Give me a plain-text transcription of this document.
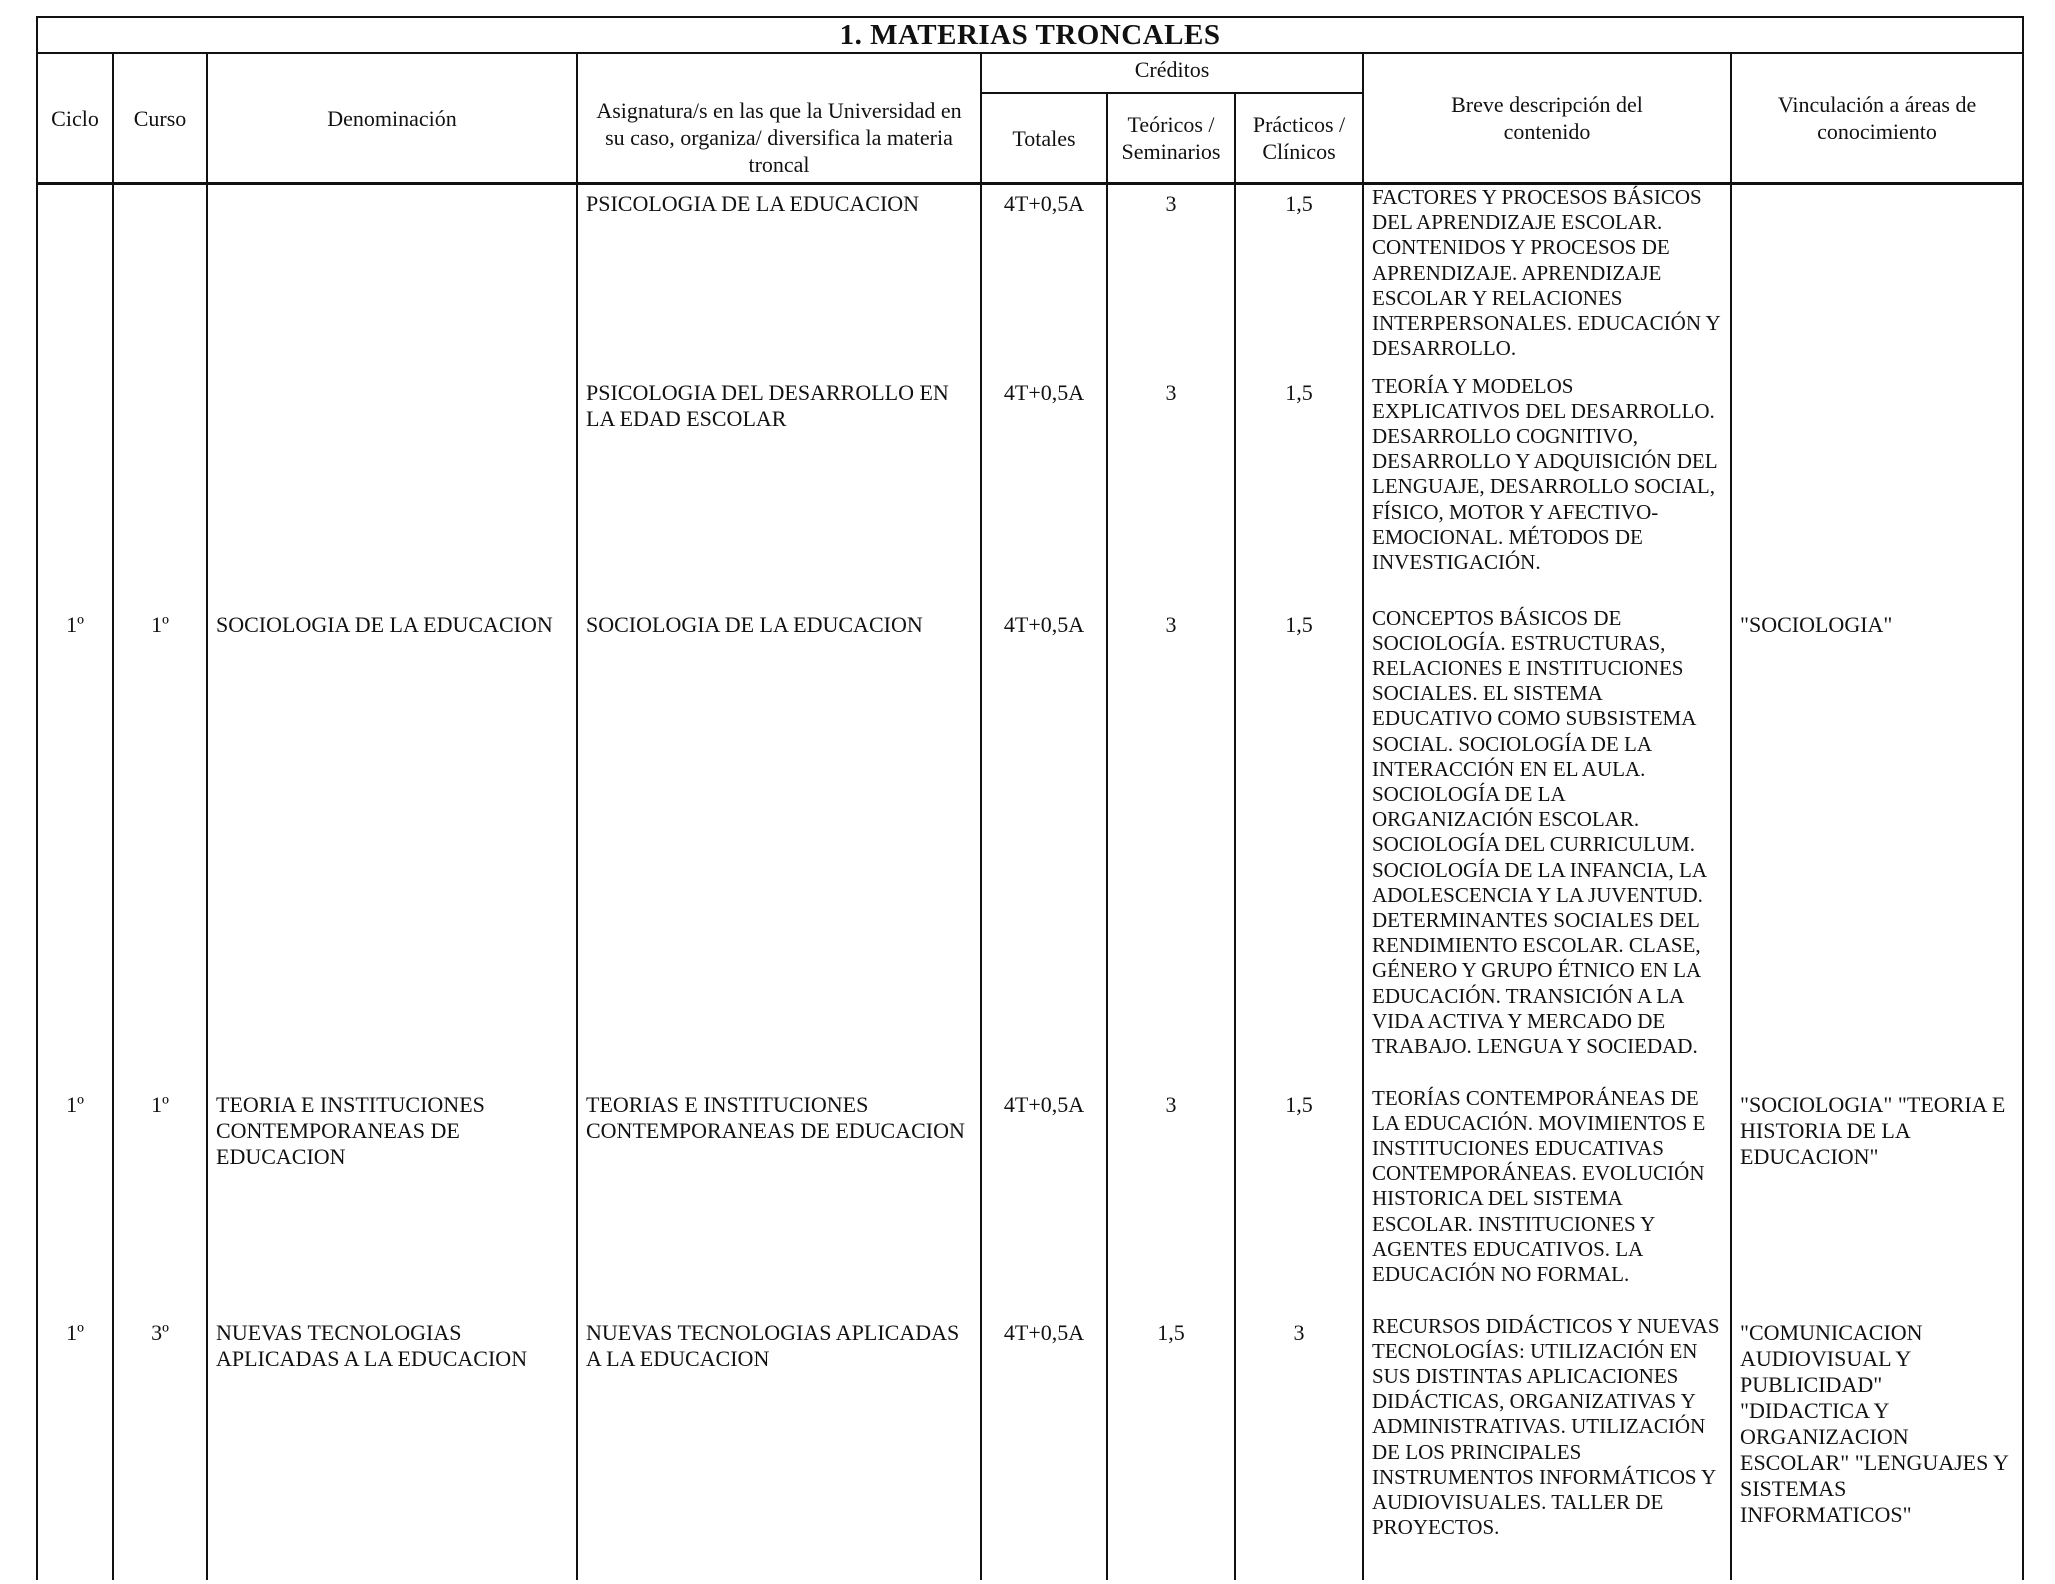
1. MATERIAS TRONCALES								
Ciclo	Curso	Denominación	Asignatura/s en las que la Universidad en su caso, organiza/ diversifica la materia troncal	Créditos			Breve descripción del contenido	Vinculación a áreas de conocimiento
				Totales	Teóricos / Seminarios	Prácticos / Clínicos		
			PSICOLOGIA DE LA EDUCACION	4T+0,5A	3	1,5	FACTORES Y PROCESOS BÁSICOS DEL APRENDIZAJE ESCOLAR. CONTENIDOS Y PROCESOS DE APRENDIZAJE. APRENDIZAJE ESCOLAR Y RELACIONES INTERPERSONALES. EDUCACIÓN Y DESARROLLO.	
			PSICOLOGIA DEL DESARROLLO EN LA EDAD ESCOLAR	4T+0,5A	3	1,5	TEORÍA Y MODELOS EXPLICATIVOS DEL DESARROLLO. DESARROLLO COGNITIVO, DESARROLLO Y ADQUISICIÓN DEL LENGUAJE, DESARROLLO SOCIAL, FÍSICO, MOTOR Y AFECTIVO-EMOCIONAL. MÉTODOS DE INVESTIGACIÓN.	
1º	1º	SOCIOLOGIA DE LA EDUCACION	SOCIOLOGIA DE LA EDUCACION	4T+0,5A	3	1,5	CONCEPTOS BÁSICOS DE SOCIOLOGÍA. ESTRUCTURAS, RELACIONES E INSTITUCIONES SOCIALES. EL SISTEMA EDUCATIVO COMO SUBSISTEMA SOCIAL. SOCIOLOGÍA DE LA INTERACCIÓN EN EL AULA. SOCIOLOGÍA DE LA ORGANIZACIÓN ESCOLAR. SOCIOLOGÍA DEL CURRICULUM. SOCIOLOGÍA DE LA INFANCIA, LA ADOLESCENCIA Y LA JUVENTUD. DETERMINANTES SOCIALES DEL RENDIMIENTO ESCOLAR. CLASE, GÉNERO Y GRUPO ÉTNICO EN LA EDUCACIÓN. TRANSICIÓN A LA VIDA ACTIVA Y MERCADO DE TRABAJO. LENGUA Y SOCIEDAD.	"SOCIOLOGIA"
1º	1º	TEORIA E INSTITUCIONES CONTEMPORANEAS DE EDUCACION	TEORIAS E INSTITUCIONES CONTEMPORANEAS DE EDUCACION	4T+0,5A	3	1,5	TEORÍAS CONTEMPORÁNEAS DE LA EDUCACIÓN. MOVIMIENTOS E INSTITUCIONES EDUCATIVAS CONTEMPORÁNEAS. EVOLUCIÓN HISTORICA DEL SISTEMA ESCOLAR. INSTITUCIONES Y AGENTES EDUCATIVOS. LA EDUCACIÓN NO FORMAL.	"SOCIOLOGIA" "TEORIA E HISTORIA DE LA EDUCACION"
1º	3º	NUEVAS TECNOLOGIAS APLICADAS A LA EDUCACION	NUEVAS TECNOLOGIAS APLICADAS A LA EDUCACION	4T+0,5A	1,5	3	RECURSOS DIDÁCTICOS Y NUEVAS TECNOLOGÍAS: UTILIZACIÓN EN SUS DISTINTAS APLICACIONES DIDÁCTICAS, ORGANIZATIVAS Y ADMINISTRATIVAS. UTILIZACIÓN DE LOS PRINCIPALES INSTRUMENTOS INFORMÁTICOS Y AUDIOVISUALES. TALLER DE PROYECTOS.	"COMUNICACION AUDIOVISUAL Y PUBLICIDAD" "DIDACTICA Y ORGANIZACION ESCOLAR" "LENGUAJES Y SISTEMAS INFORMATICOS"
